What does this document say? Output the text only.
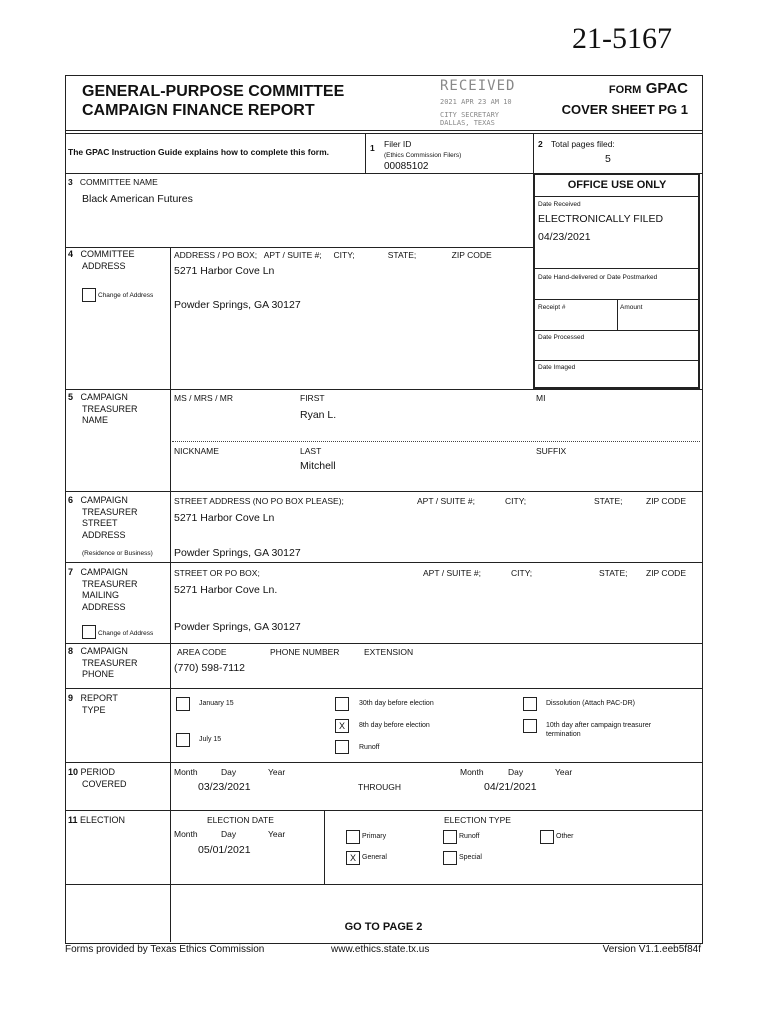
21-5167
GENERAL-PURPOSE COMMITTEE
CAMPAIGN FINANCE REPORT
RECEIVED
2021 APR 23 AM 10
CITY SECRETARY
DALLAS, TEXAS
FORM GPAC
COVER SHEET PG 1
The GPAC Instruction Guide explains how to complete this form.	1 Filer ID
(Ethics Commission Filers)
00085102
2 Total pages filed:
5
3 COMMITTEE NAME
Black American Futures
OFFICE USE ONLY
Date Received
ELECTRONICALLY FILED
04/23/2021
Date Hand-delivered or Date Postmarked
Receipt #	Amount
Date Processed
Date Imaged
4 COMMITTEE
ADDRESS
Change of Address
ADDRESS / PO BOX;   APT / SUITE #;     CITY;              STATE;               ZIP CODE
5271 Harbor Cove Ln
Powder Springs, GA 30127
5 CAMPAIGN
TREASURER
NAME
MS / MRS / MR	FIRST
Ryan L.
MI
NICKNAME	LAST
Mitchell
SUFFIX
6 CAMPAIGN
TREASURER
STREET
ADDRESS
(Residence or Business)
STREET ADDRESS (NO PO BOX PLEASE);	APT / SUITE #;	CITY;	STATE;	ZIP CODE
5271 Harbor Cove Ln
Powder Springs, GA 30127
7 CAMPAIGN
TREASURER
MAILING
ADDRESS
Change of Address
STREET OR PO BOX;	APT / SUITE #;	CITY;	STATE; ZIP CODE
5271 Harbor Cove Ln.
Powder Springs, GA 30127
8 CAMPAIGN
TREASURER
PHONE
AREA CODE	PHONE NUMBER	EXTENSION
(770) 598-7112
9 REPORT
TYPE
January 15
July 15
30th day before election
X	8th day before election
Runoff
Dissolution (Attach PAC-DR)
10th day after campaign treasurer
termination
10 PERIOD
COVERED
Month	Day	Year
03/23/2021	THROUGH
Month	Day	Year
04/21/2021
11 ELECTION	ELECTION DATE
Month	Day	Year
05/01/2021
ELECTION TYPE
Primary
X General
Runoff
Special
Other
GO TO PAGE 2
Forms provided by Texas Ethics Commission	www.ethics.state.tx.us	Version V1.1.eeb5f84f
